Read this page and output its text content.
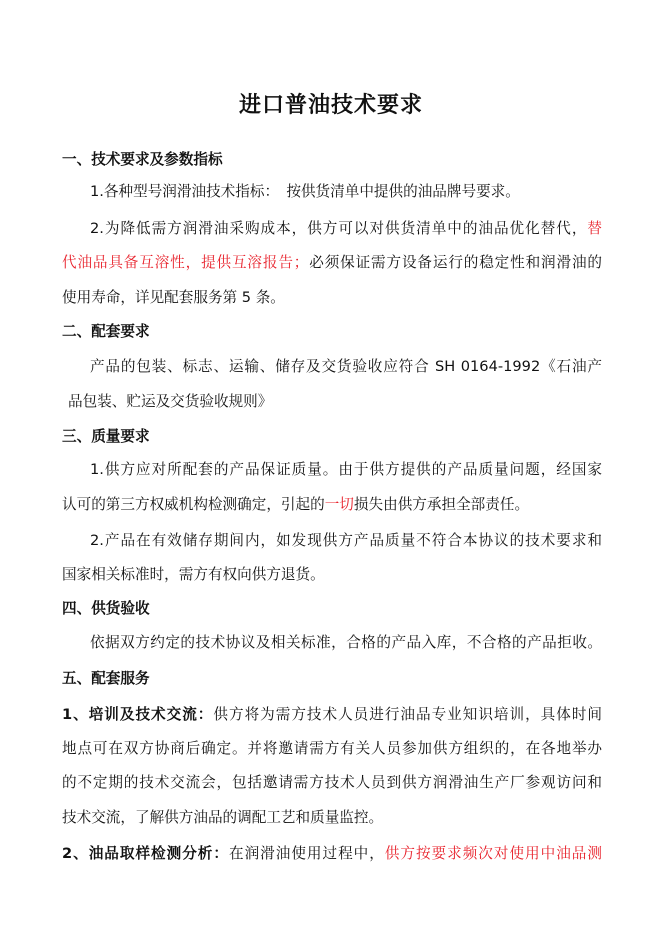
进口普油技术要求
一、技术要求及参数指标
1.各种型号润滑油技术指标：　按供货清单中提供的油品牌号要求。
2.为降低需方润滑油采购成本，供方可以对供货清单中的油品优化替代，替
代油品具备互溶性，提供互溶报告；必须保证需方设备运行的稳定性和润滑油的
使用寿命，详见配套服务第 5 条。
二、配套要求
产品的包装、标志、运输、储存及交货验收应符合 SH 0164-1992《石油产
品包装、贮运及交货验收规则》
三、质量要求
1.供方应对所配套的产品保证质量。由于供方提供的产品质量问题，经国家
认可的第三方权威机构检测确定，引起的一切损失由供方承担全部责任。
2.产品在有效储存期间内，如发现供方产品质量不符合本协议的技术要求和
国家相关标准时，需方有权向供方退货。
四、供货验收
依据双方约定的技术协议及相关标准，合格的产品入库，不合格的产品拒收。
五、配套服务
1、培训及技术交流：供方将为需方技术人员进行油品专业知识培训，具体时间
地点可在双方协商后确定。并将邀请需方有关人员参加供方组织的，在各地举办
的不定期的技术交流会，包括邀请需方技术人员到供方润滑油生产厂参观访问和
技术交流，了解供方油品的调配工艺和质量监控。
2、油品取样检测分析：在润滑油使用过程中，供方按要求频次对使用中油品测
